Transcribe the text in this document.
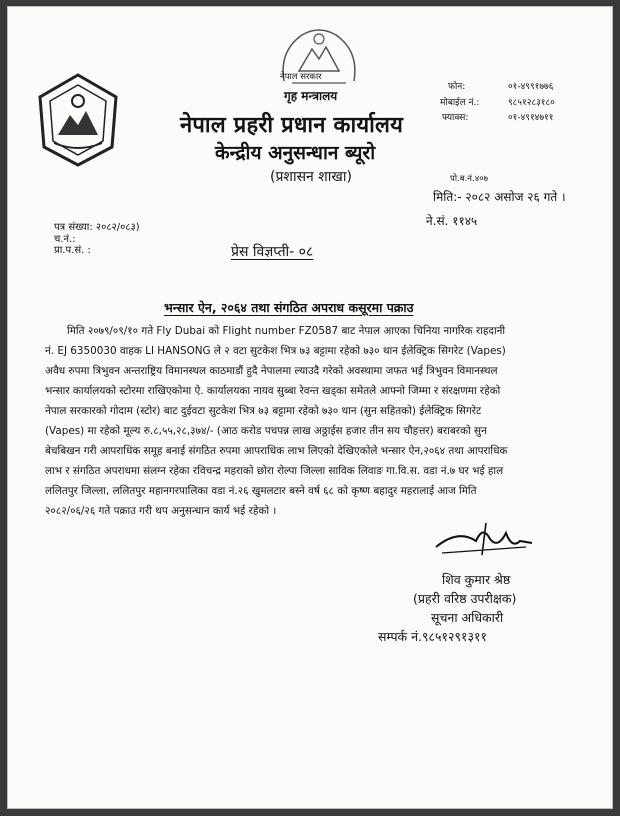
नेपाल सरकार
गृह मन्त्रालय
नेपाल प्रहरी प्रधान कार्यालय
केन्द्रीय अनुसन्धान ब्यूरो
(प्रशासन शाखा)
फोन:	०१-४९९१७७६
मोबाईल नं.:	९८५१२८३१८०
फ्याक्स:	०१-४९१४७११
पो.ब.नं.४०७
मिति:- २०८२ असोज २६ गते ।
ने.सं. ११४५
पत्र संख्या: २०८२/०८३)
च.नं.:
प्रा.प.सं. :	प्रेस विज्ञप्ती- ०८
भन्सार ऐन, २०६४ तथा संगठित अपराध कसूरमा पक्राउ
मिति २०७९/०९/१० गते Fly Dubai को Flight number FZ0587 बाट नेपाल आएका चिनिया नागरिक राहदानी
नं. EJ 6350030 वाहक LI HANSONG ले २ वटा सुटकेश भित्र ७३ बट्टामा रहेको ७३० थान ईलेक्ट्रिक सिगरेट (Vapes)
अवैध रुपमा त्रिभुवन अन्तराष्ट्रिय विमानस्थल काठमाडौं हुदै नेपालमा ल्याउदै गरेको अवस्थामा जफत भई त्रिभुवन विमानस्थल
भन्सार कार्यालयको स्टोरमा राखिएकोमा ऐ. कार्यालयका नायव सुब्बा रेवन्त खड्का समेतले आफ्नो जिम्मा र संरक्षणमा रहेको
नेपाल सरकारको गोदाम (स्टोर) बाट दुईवटा सुटकेश भित्र ७३ बट्टामा रहेको ७३० थान (सुन सहितको) ईलेक्ट्रिक सिगरेट
(Vapes) मा रहेको मूल्य रु.८,५५,२८,३७४/- (आठ करोड पचपन्न लाख अठ्ठाईस हजार तीन सय चौहत्तर) बराबरको सुन
बेचबिखन गरी आपराधिक समूह बनाई संगठित रुपमा आपराधिक लाभ लिएको देखिएकोले भन्सार ऐन,२०६४ तथा आपराधिक
लाभ र संगठित अपराधमा संलग्न रहेका रविचन्द्र महराको छोरा रोल्पा जिल्ला साविक लिवाङ गा.वि.स. वडा नं.७ घर भई हाल
ललितपुर जिल्ला, ललितपुर महानगरपालिका वडा नं.२६ खुमलटार बस्ने वर्ष ६८ को कृष्ण बहादुर महरालाई आज मिति
२०८२/०६/२६ गते पक्राउ गरी थप अनुसन्धान कार्य भई रहेको ।
शिव कुमार श्रेष्ठ
(प्रहरी वरिष्ठ उपरीक्षक)
सूचना अधिकारी
सम्पर्क नं.९८५१२९१३११
